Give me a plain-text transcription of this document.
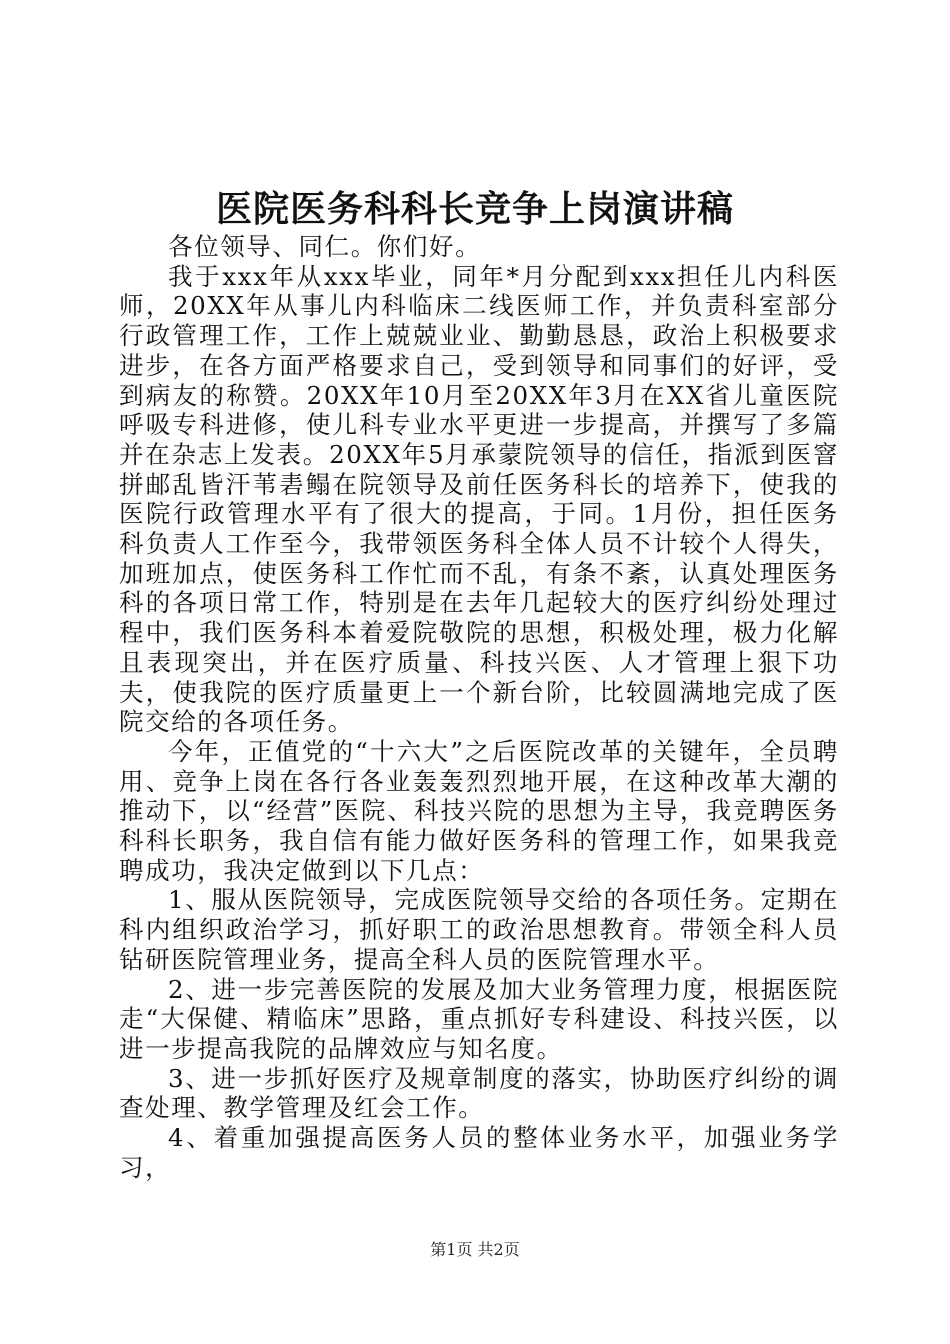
医院医务科科长竞争上岗演讲稿

各位领导、同仁。你们好。

我于xxx年从xxx毕业，同年*月分配到xxx担任儿内科医师，20XX年从事儿内科临床二线医师工作，并负责科室部分行政管理工作，工作上兢兢业业、勤勤恳恳，政治上积极要求进步，在各方面严格要求自己，受到领导和同事们的好评，受到病友的称赞。20XX年10月至20XX年3月在XX省儿童医院呼吸专科进修，使儿科专业水平更进一步提高，并撰写了多篇并在杂志上发表。20XX年5月承蒙院领导的信任，指派到医窨拼邮乱皆汗苇砉鳎在院领导及前任医务科长的培养下，使我的医院行政管理水平有了很大的提高，于同。1月份，担任医务科负责人工作至今，我带领医务科全体人员不计较个人得失，加班加点，使医务科工作忙而不乱，有条不紊，认真处理医务科的各项日常工作，特别是在去年几起较大的医疗纠纷处理过程中，我们医务科本着爱院敬院的思想，积极处理，极力化解且表现突出，并在医疗质量、科技兴医、人才管理上狠下功夫，使我院的医疗质量更上一个新台阶，比较圆满地完成了医院交给的各项任务。

今年，正值党的“十六大”之后医院改革的关键年，全员聘用、竞争上岗在各行各业轰轰烈烈地开展，在这种改革大潮的推动下，以“经营”医院、科技兴院的思想为主导，我竞聘医务科科长职务，我自信有能力做好医务科的管理工作，如果我竞聘成功，我决定做到以下几点：

1、服从医院领导，完成医院领导交给的各项任务。定期在科内组织政治学习，抓好职工的政治思想教育。带领全科人员钻研医院管理业务，提高全科人员的医院管理水平。

2、进一步完善医院的发展及加大业务管理力度，根据医院走“大保健、精临床”思路，重点抓好专科建设、科技兴医，以进一步提高我院的品牌效应与知名度。

3、进一步抓好医疗及规章制度的落实，协助医疗纠纷的调查处理、教学管理及红会工作。

4、着重加强提高医务人员的整体业务水平，加强业务学习，

第1页 共2页
